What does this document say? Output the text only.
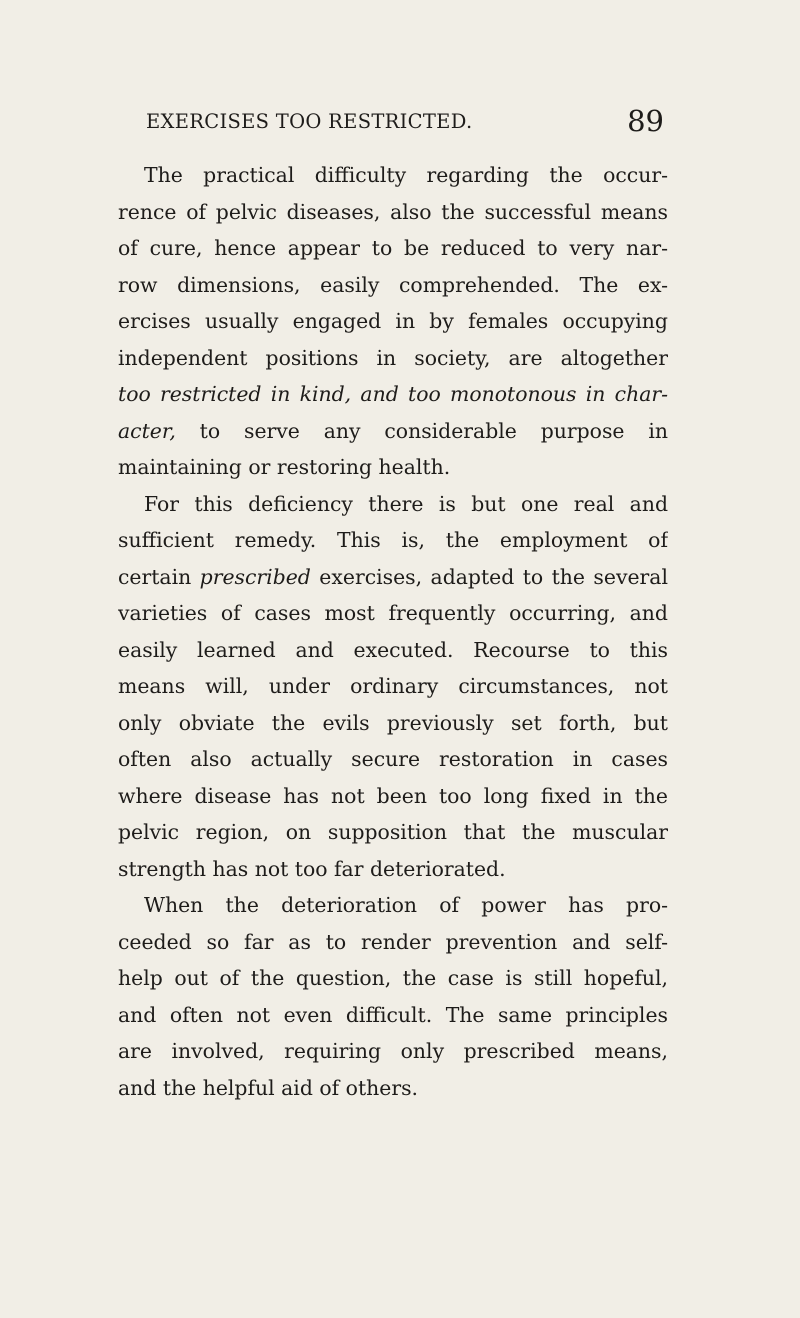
EXERCISES TOO RESTRICTED.	89
The practical difficulty regarding the occur-
rence of pelvic diseases, also the successful means
of cure, hence appear to be reduced to very nar-
row dimensions, easily comprehended. The ex-
ercises usually engaged in by females occupying
independent positions in society, are altogether
too restricted in kind, and too monotonous in char-
acter, to serve any considerable purpose in
maintaining or restoring health.
For this deficiency there is but one real and
sufficient remedy. This is, the employment of
certain prescribed exercises, adapted to the several
varieties of cases most frequently occurring, and
easily learned and executed. Recourse to this
means will, under ordinary circumstances, not
only obviate the evils previously set forth, but
often also actually secure restoration in cases
where disease has not been too long fixed in the
pelvic region, on supposition that the muscular
strength has not too far deteriorated.
When the deterioration of power has pro-
ceeded so far as to render prevention and self-
help out of the question, the case is still hopeful,
and often not even difficult. The same principles
are involved, requiring only prescribed means,
and the helpful aid of others.
